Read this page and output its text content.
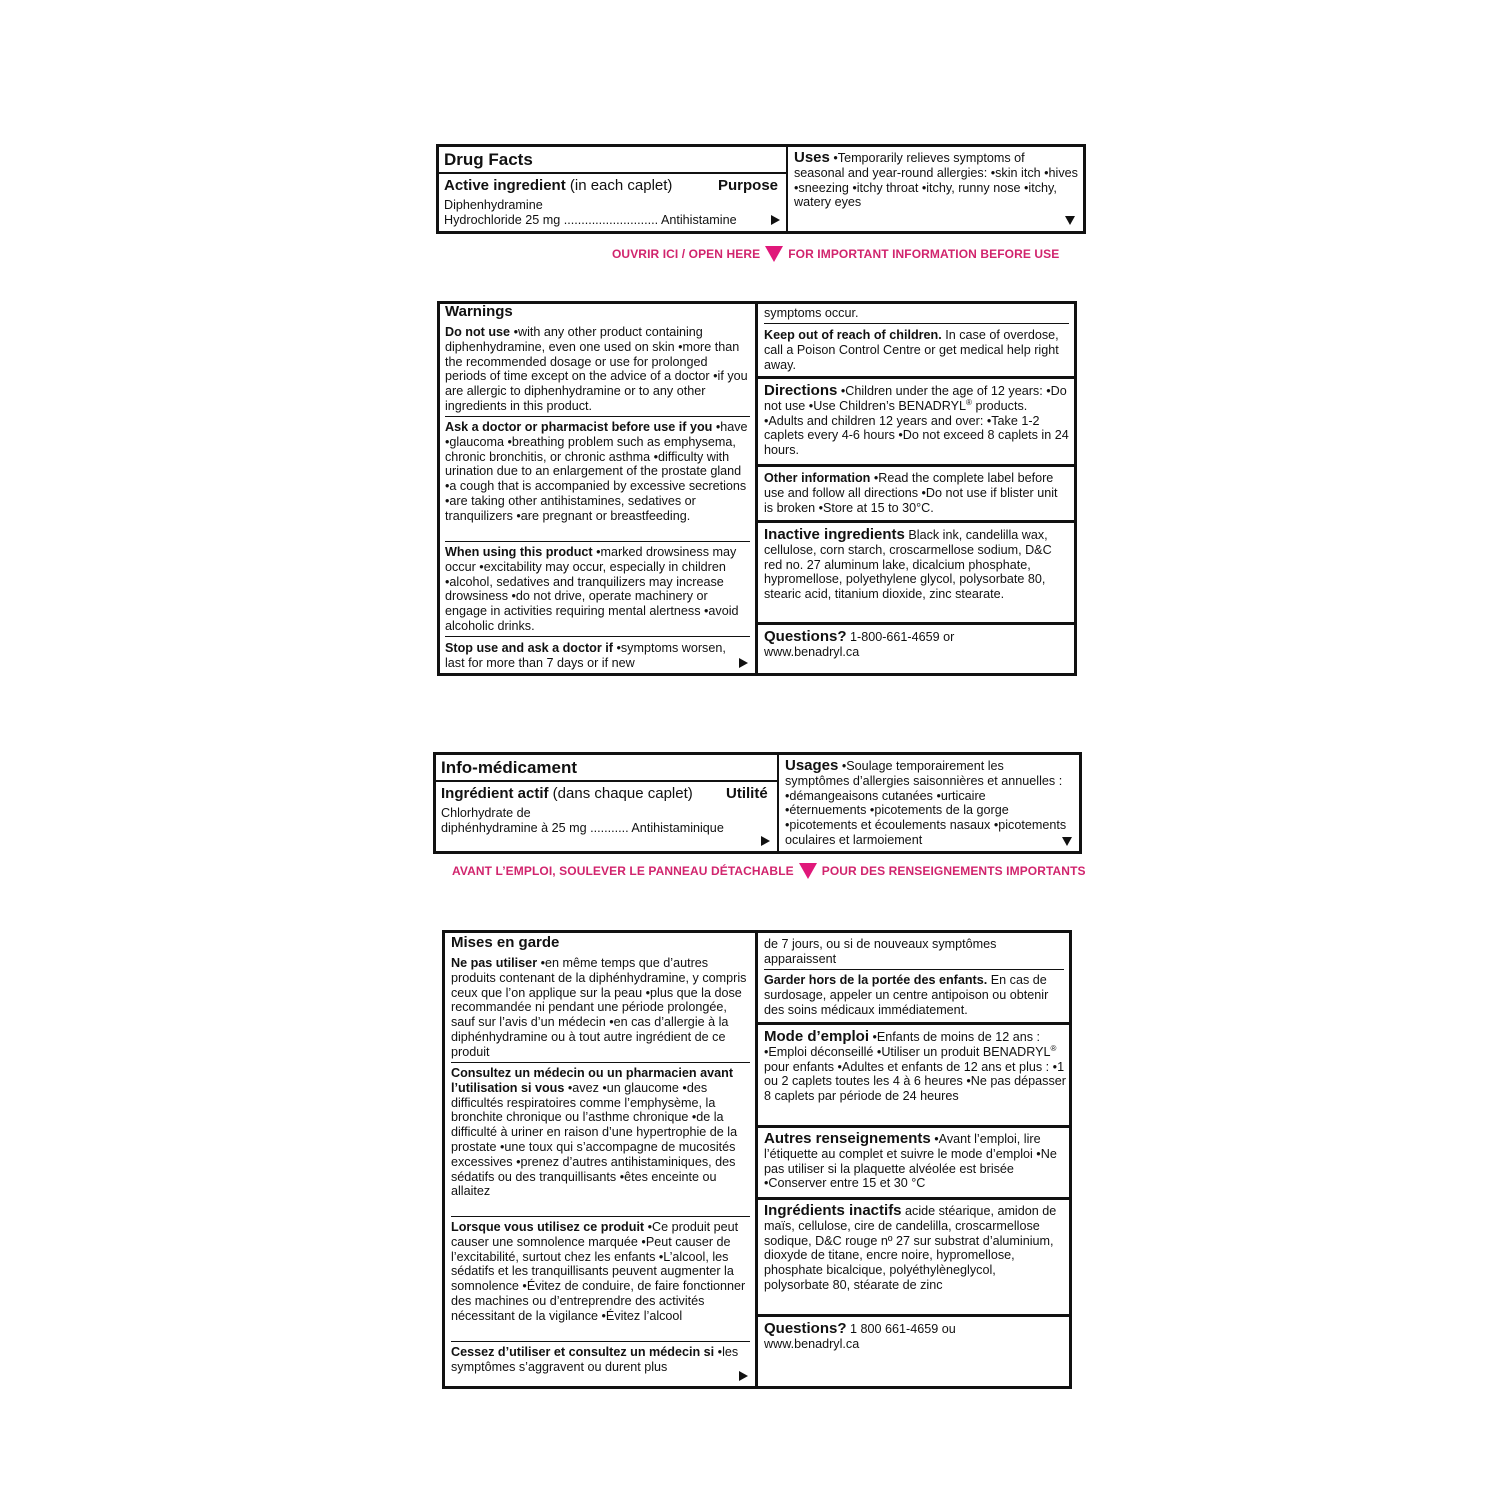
Drug Facts

Active ingredient (in each caplet)	Purpose

Diphenhydramine

Hydrochloride 25 mg ........................... Antihistamine

Uses •Temporarily relieves symptoms of seasonal and year-round allergies: •skin itch •hives •sneezing •itchy throat •itchy, runny nose •itchy, watery eyes

OUVRIR ICI / OPEN HERE FOR IMPORTANT INFORMATION BEFORE USE

Warnings

Do not use •with any other product containing diphenhydramine, even one used on skin •more than the recommended dosage or use for prolonged periods of time except on the advice of a doctor •if you are allergic to diphenhydramine or to any other ingredients in this product.

Ask a doctor or pharmacist before use if you •have •glaucoma •breathing problem such as emphysema, chronic bronchitis, or chronic asthma •difficulty with urination due to an enlargement of the prostate gland •a cough that is accompanied by excessive secretions •are taking other antihistamines, sedatives or tranquilizers •are pregnant or breastfeeding.

When using this product •marked drowsiness may occur •excitability may occur, especially in children •alcohol, sedatives and tranquilizers may increase drowsiness •do not drive, operate machinery or engage in activities requiring mental alertness •avoid alcoholic drinks.

Stop use and ask a doctor if •symptoms worsen, last for more than 7 days or if new

symptoms occur.

Keep out of reach of children. In case of overdose, call a Poison Control Centre or get medical help right away.

Directions •Children under the age of 12 years: •Do not use •Use Children’s BENADRYL® products. •Adults and children 12 years and over: •Take 1-2 caplets every 4-6 hours •Do not exceed 8 caplets in 24 hours.

Other information •Read the complete label before use and follow all directions •Do not use if blister unit is broken •Store at 15 to 30°C.

Inactive ingredients Black ink, candelilla wax, cellulose, corn starch, croscarmellose sodium, D&C red no. 27 aluminum lake, dicalcium phosphate, hypromellose, polyethylene glycol, polysorbate 80, stearic acid, titanium dioxide, zinc stearate.

Questions? 1-800-661-4659 or www.benadryl.ca

Info-médicament

Ingrédient actif (dans chaque caplet) Utilité

Chlorhydrate de

diphénhydramine à 25 mg ........... Antihistaminique

Usages •Soulage temporairement les symptômes d’allergies saisonnières et annuelles : •démangeaisons cutanées •urticaire •éternuements •picotements de la gorge •picotements et écoulements nasaux •picotements oculaires et larmoiement

AVANT L’EMPLOI, SOULEVER LE PANNEAU DÉTACHABLE POUR DES RENSEIGNEMENTS IMPORTANTS

Mises en garde

Ne pas utiliser •en même temps que d’autres produits contenant de la diphénhydramine, y compris ceux que l’on applique sur la peau •plus que la dose recommandée ni pendant une période prolongée, sauf sur l’avis d’un médecin •en cas d’allergie à la diphénhydramine ou à tout autre ingrédient de ce produit

Consultez un médecin ou un pharmacien avant l’utilisation si vous •avez •un glaucome •des difficultés respiratoires comme l’emphysème, la bronchite chronique ou l’asthme chronique •de la difficulté à uriner en raison d’une hypertrophie de la prostate •une toux qui s’accompagne de mucosités excessives •prenez d’autres antihistaminiques, des sédatifs ou des tranquillisants •êtes enceinte ou allaitez

Lorsque vous utilisez ce produit •Ce produit peut causer une somnolence marquée •Peut causer de l’excitabilité, surtout chez les enfants •L’alcool, les sédatifs et les tranquillisants peuvent augmenter la somnolence •Évitez de conduire, de faire fonctionner des machines ou d’entreprendre des activités nécessitant de la vigilance •Évitez l’alcool

Cessez d’utiliser et consultez un médecin si •les symptômes s’aggravent ou durent plus

de 7 jours, ou si de nouveaux symptômes apparaissent

Garder hors de la portée des enfants. En cas de surdosage, appeler un centre antipoison ou obtenir des soins médicaux immédiatement.

Mode d’emploi •Enfants de moins de 12 ans : •Emploi déconseillé •Utiliser un produit BENADRYL® pour enfants •Adultes et enfants de 12 ans et plus : •1 ou 2 caplets toutes les 4 à 6 heures •Ne pas dépasser 8 caplets par période de 24 heures

Autres renseignements •Avant l’emploi, lire l’étiquette au complet et suivre le mode d’emploi •Ne pas utiliser si la plaquette alvéolée est brisée •Conserver entre 15 et 30 °C

Ingrédients inactifs acide stéarique, amidon de maïs, cellulose, cire de candelilla, croscarmellose sodique, D&C rouge nº 27 sur substrat d’aluminium, dioxyde de titane, encre noire, hypromellose, phosphate bicalcique, polyéthylèneglycol, polysorbate 80, stéarate de zinc

Questions? 1 800 661-4659 ou www.benadryl.ca
